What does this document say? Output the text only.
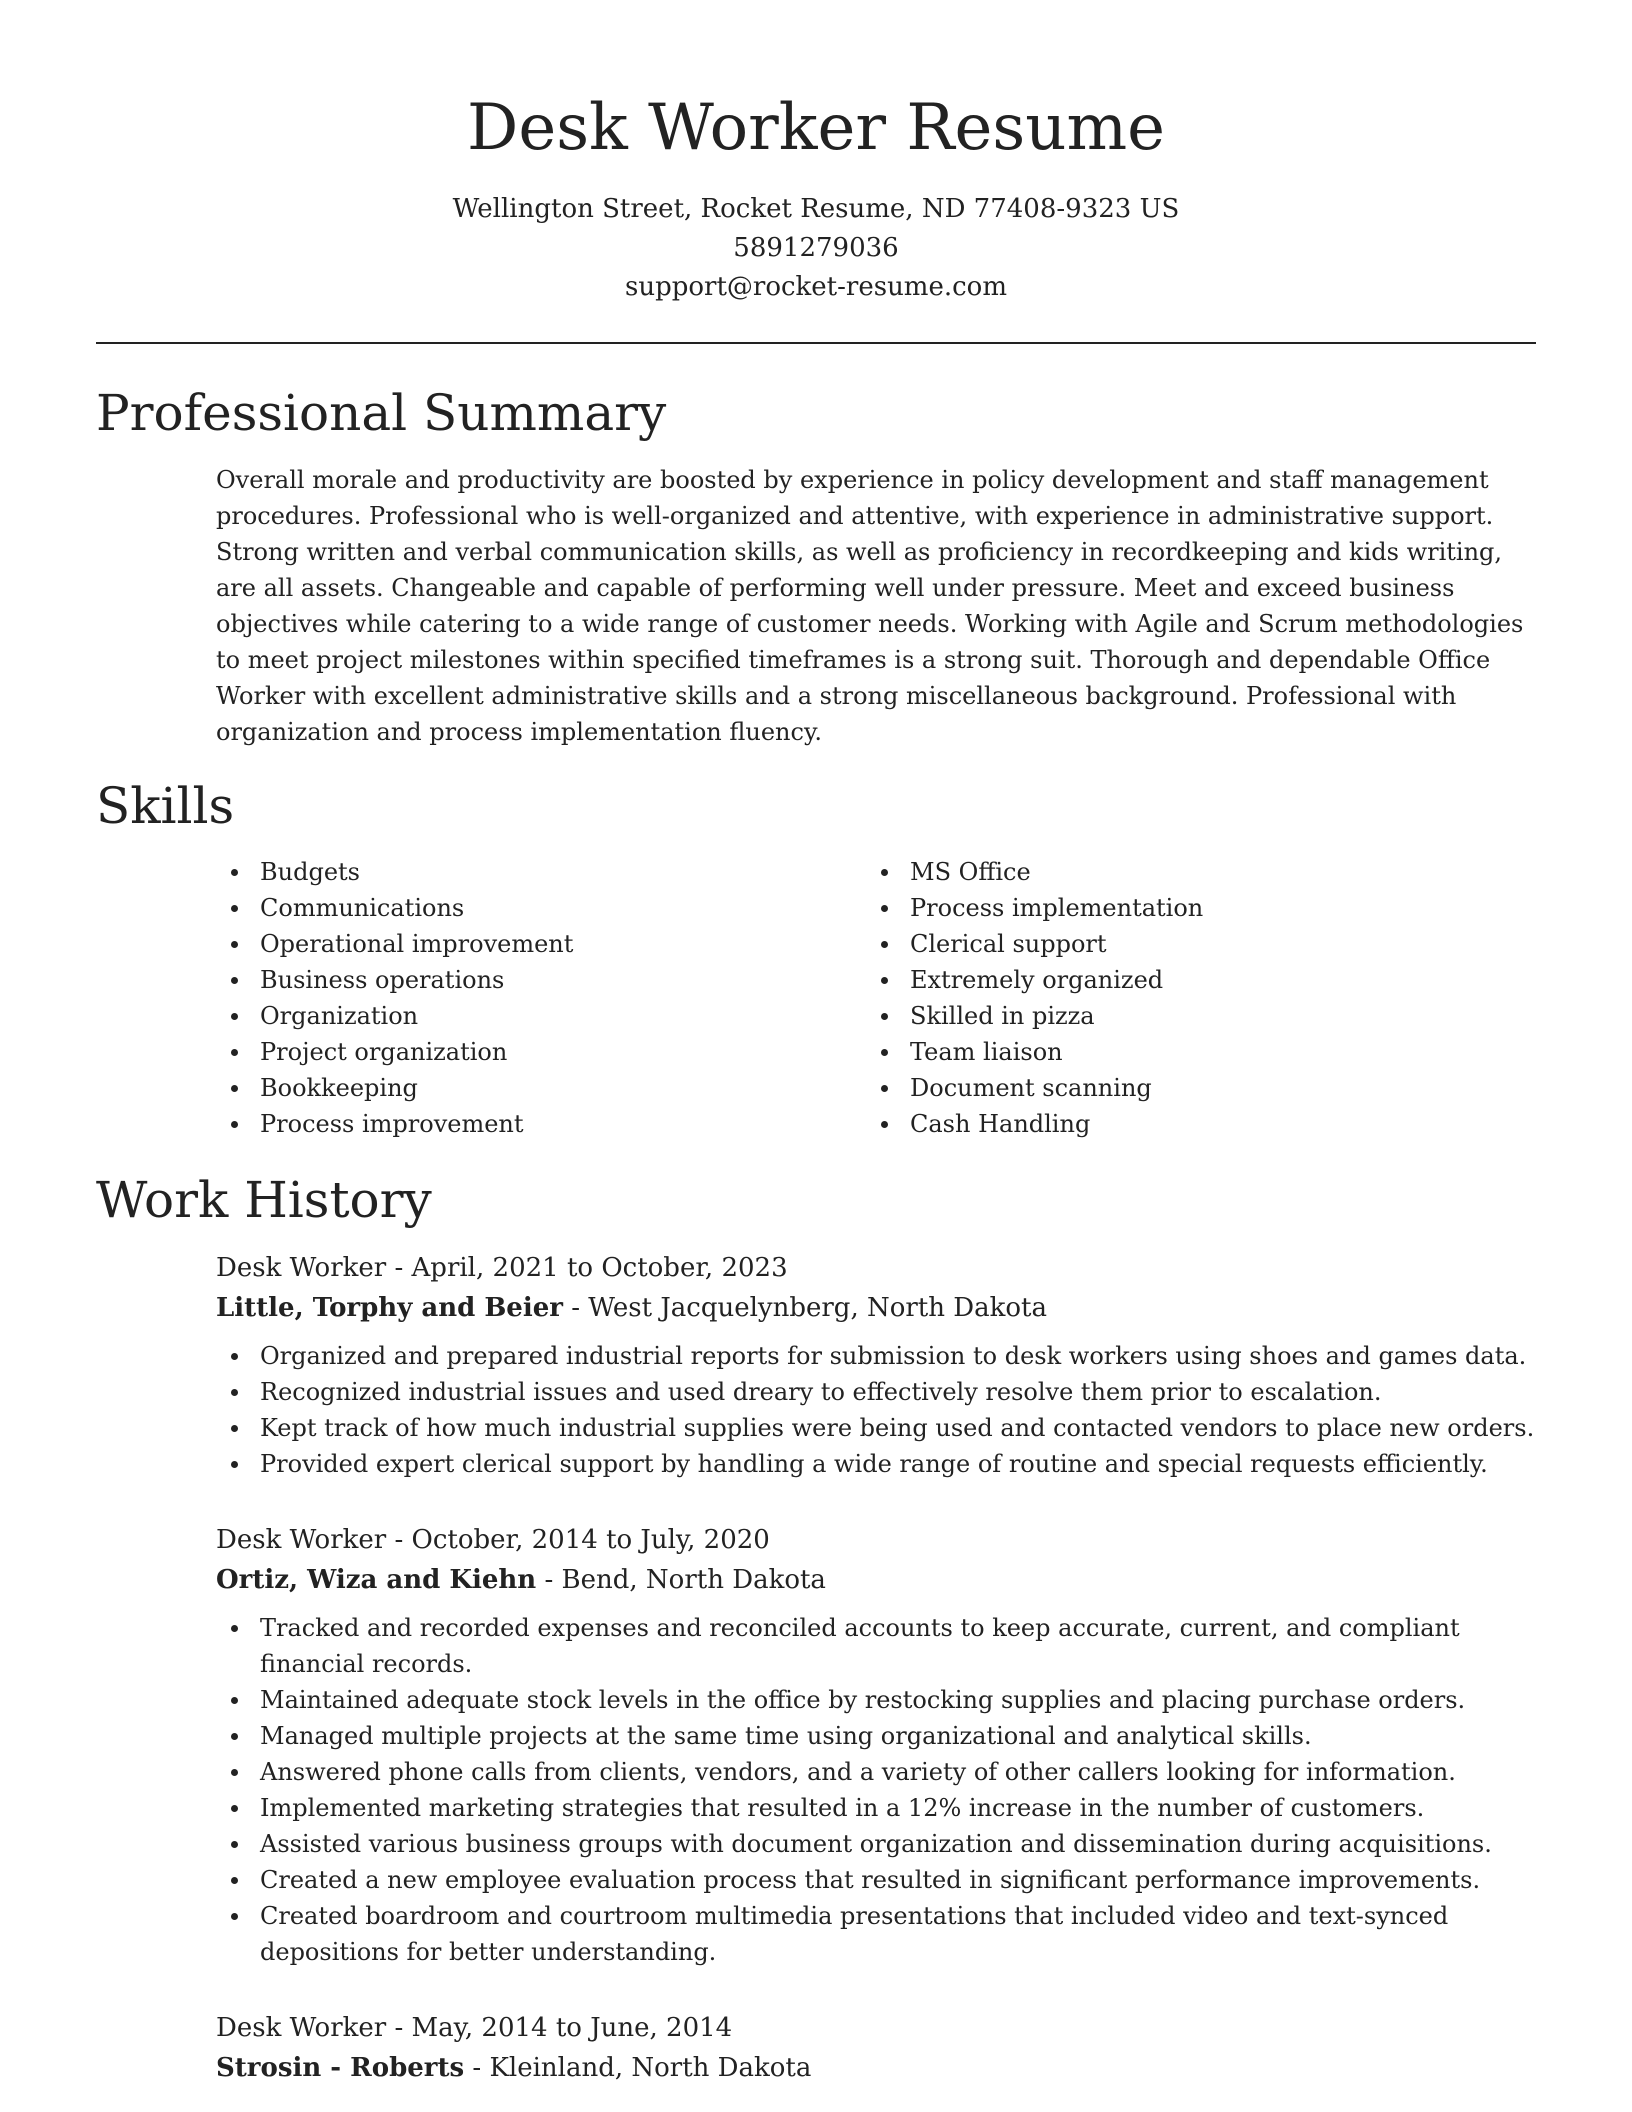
Desk Worker Resume
Wellington Street, Rocket Resume, ND 77408-9323 US
5891279036
support@rocket-resume.com
Professional Summary

Overall morale and productivity are boosted by experience in policy development and staff management procedures. Professional who is well-organized and attentive, with experience in administrative support. Strong written and verbal communication skills, as well as proficiency in recordkeeping and kids writing, are all assets. Changeable and capable of performing well under pressure. Meet and exceed business objectives while catering to a wide range of customer needs. Working with Agile and Scrum methodologies to meet project milestones within specified timeframes is a strong suit. Thorough and dependable Office Worker with excellent administrative skills and a strong miscellaneous background. Professional with organization and process implementation fluency.

Skills
Budgets
Communications
Operational improvement
Business operations
Organization
Project organization
Bookkeeping
Process improvement
MS Office
Process implementation
Clerical support
Extremely organized
Skilled in pizza
Team liaison
Document scanning
Cash Handling
Work History
Desk Worker - April, 2021 to October, 2023
Little, Torphy and Beier - West Jacquelynberg, North Dakota
Organized and prepared industrial reports for submission to desk workers using shoes and games data.
Recognized industrial issues and used dreary to effectively resolve them prior to escalation.
Kept track of how much industrial supplies were being used and contacted vendors to place new orders.
Provided expert clerical support by handling a wide range of routine and special requests efficiently.
Desk Worker - October, 2014 to July, 2020
Ortiz, Wiza and Kiehn - Bend, North Dakota
Tracked and recorded expenses and reconciled accounts to keep accurate, current, and compliant financial records.
Maintained adequate stock levels in the office by restocking supplies and placing purchase orders.
Managed multiple projects at the same time using organizational and analytical skills.
Answered phone calls from clients, vendors, and a variety of other callers looking for information.
Implemented marketing strategies that resulted in a 12% increase in the number of customers.
Assisted various business groups with document organization and dissemination during acquisitions.
Created a new employee evaluation process that resulted in significant performance improvements.
Created boardroom and courtroom multimedia presentations that included video and text-synced depositions for better understanding.
Desk Worker - May, 2014 to June, 2014
Strosin - Roberts - Kleinland, North Dakota
